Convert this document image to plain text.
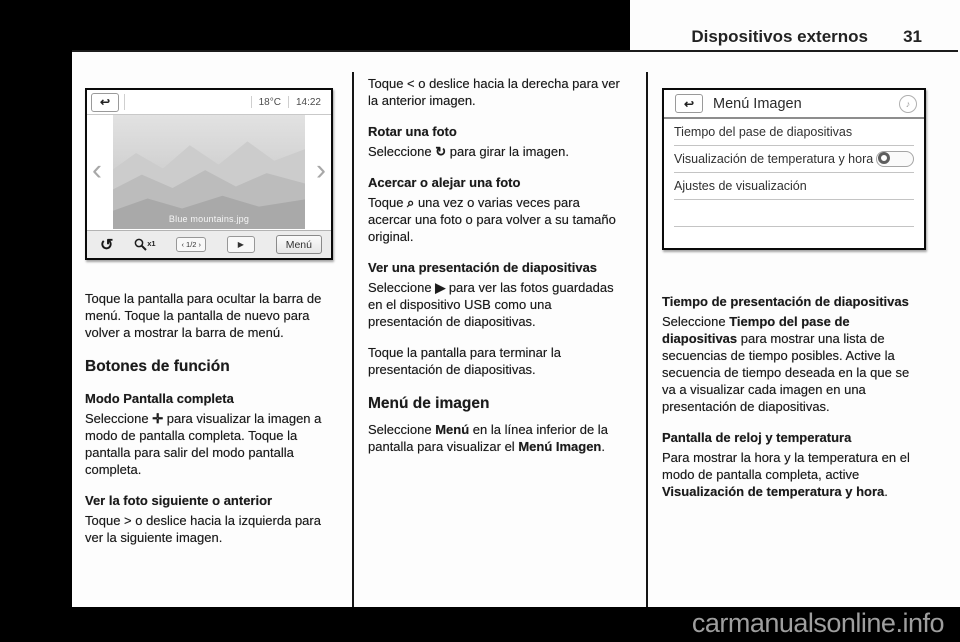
Dispositivos externos 31
↩	18°C 14:22
Blue mountains.jpg
‹	›
↺	x1	‹ 1/2 ›	▶	Menú

Toque la pantalla para ocultar la barra de menú. Toque la pantalla de nuevo para volver a mostrar la barra de menú.

Botones de función
Modo Pantalla completa

Seleccione ✛ para visualizar la imagen a modo de pantalla completa. Toque la pantalla para salir del modo pantalla completa.

Ver la foto siguiente o anterior

Toque > o deslice hacia la izquierda para ver la siguiente imagen.

Toque < o deslice hacia la derecha para ver la anterior imagen.

Rotar una foto

Seleccione ↻ para girar la imagen.

Acercar o alejar una foto

Toque ⌕ una vez o varias veces para acercar una foto o para volver a su tamaño original.

Ver una presentación de diapositivas

Seleccione ▶ para ver las fotos guardadas en el dispositivo USB como una presentación de diapositivas.

Toque la pantalla para terminar la presentación de diapositivas.

Menú de imagen

Seleccione Menú en la línea inferior de la pantalla para visualizar el Menú Imagen.

↩ Menú Imagen	♪
Tiempo del pase de diapositivas
Visualización de temperatura y hora
Ajustes de visualización
Tiempo de presentación de diapositivas

Seleccione Tiempo del pase de diapositivas para mostrar una lista de secuencias de tiempo posibles. Active la secuencia de tiempo deseada en la que se va a visualizar cada imagen en una presentación de diapositivas.

Pantalla de reloj y temperatura

Para mostrar la hora y la temperatura en el modo de pantalla completa, active Visualización de temperatura y hora.

carmanualsonline.info
